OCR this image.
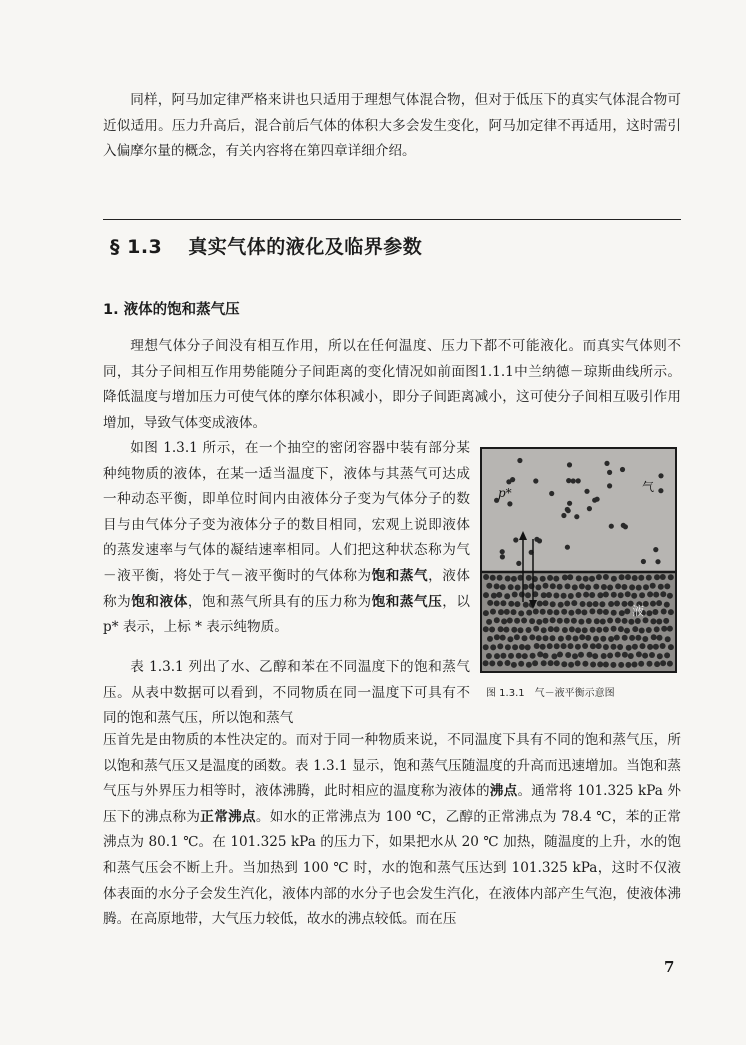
同样，阿马加定律严格来讲也只适用于理想气体混合物，但对于低压下的真实气体混合物可近似适用。压力升高后，混合前后气体的体积大多会发生变化，阿马加定律不再适用，这时需引入偏摩尔量的概念，有关内容将在第四章详细介绍。

§ 1.3 真实气体的液化及临界参数
1. 液体的饱和蒸气压

理想气体分子间没有相互作用，所以在任何温度、压力下都不可能液化。而真实气体则不同，其分子间相互作用势能随分子间距离的变化情况如前面图1.1.1中兰纳德－琼斯曲线所示。降低温度与增加压力可使气体的摩尔体积减小，即分子间距离减小，这可使分子间相互吸引作用增加，导致气体变成液体。

如图 1.3.1 所示，在一个抽空的密闭容器中装有部分某种纯物质的液体，在某一适当温度下，液体与其蒸气可达成一种动态平衡，即单位时间内由液体分子变为气体分子的数目与由气体分子变为液体分子的数目相同，宏观上说即液体的蒸发速率与气体的凝结速率相同。人们把这种状态称为气－液平衡，将处于气－液平衡时的气体称为饱和蒸气，液体称为饱和液体，饱和蒸气所具有的压力称为饱和蒸气压，以 p* 表示，上标 * 表示纯物质。

表 1.3.1 列出了水、乙醇和苯在不同温度下的饱和蒸气压。从表中数据可以看到，不同物质在同一温度下可具有不同的饱和蒸气压，所以饱和蒸气

压首先是由物质的本性决定的。而对于同一种物质来说，不同温度下具有不同的饱和蒸气压，所以饱和蒸气压又是温度的函数。表 1.3.1 显示，饱和蒸气压随温度的升高而迅速增加。当饱和蒸气压与外界压力相等时，液体沸腾，此时相应的温度称为液体的沸点。通常将 101.325 kPa 外压下的沸点称为正常沸点。如水的正常沸点为 100 ℃，乙醇的正常沸点为 78.4 ℃，苯的正常沸点为 80.1 ℃。在 101.325 kPa 的压力下，如果把水从 20 ℃ 加热，随温度的上升，水的饱和蒸气压会不断上升。当加热到 100 ℃ 时，水的饱和蒸气压达到 101.325 kPa，这时不仅液体表面的水分子会发生汽化，液体内部的水分子也会发生汽化，在液体内部产生气泡，使液体沸腾。在高原地带，大气压力较低，故水的沸点较低。而在压

p*	气
液
图 1.3.1　气－液平衡示意图
7
